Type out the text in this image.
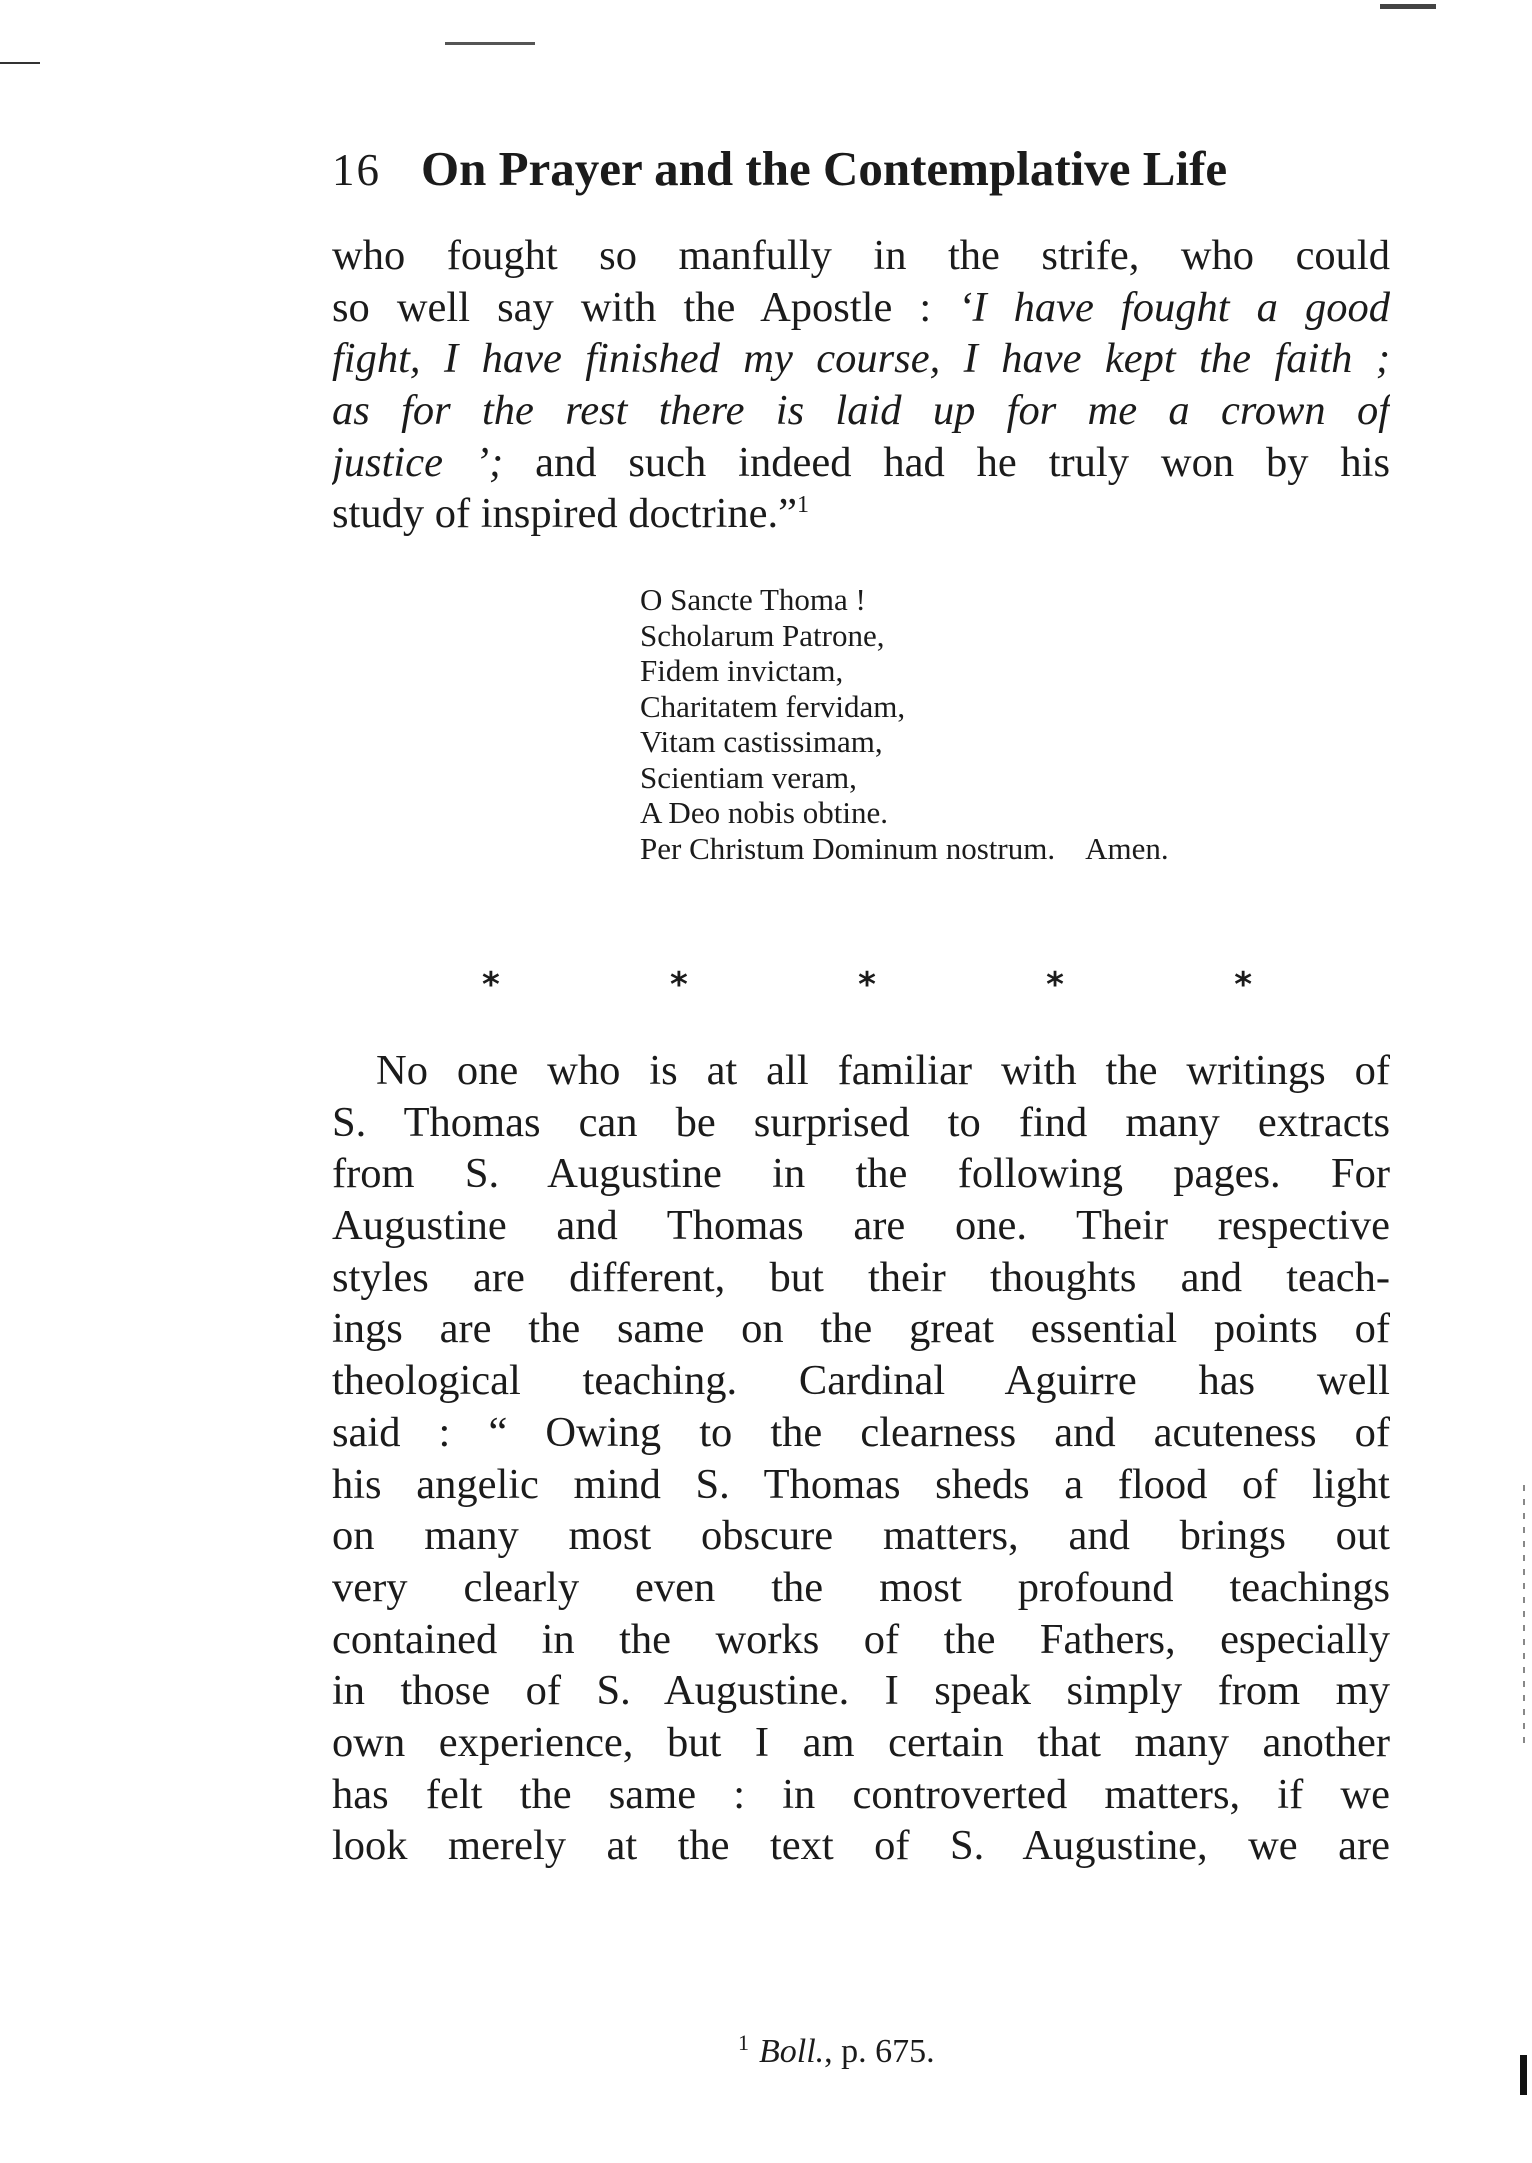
16 On Prayer and the Contemplative Life
who fought so manfully in the strife, who could
so well say with the Apostle : ‘I have fought a good
fight, I have finished my course, I have kept the faith ;
as for the rest there is laid up for me a crown of
justice ’; and such indeed had he truly won by his
study of inspired doctrine.”$^1$
O Sancte Thoma !
Scholarum Patrone,
Fidem invictam,
Charitatem fervidam,
Vitam castissimam,
Scientiam veram,
A Deo nobis obtine.
Per Christum Dominum nostrum. Amen.
*	*	*	*	*
No one who is at all familiar with the writings of
S. Thomas can be surprised to find many extracts
from S. Augustine in the following pages. For
Augustine and Thomas are one. Their respective
styles are different, but their thoughts and teach-
ings are the same on the great essential points of
theological teaching. Cardinal Aguirre has well
said : “ Owing to the clearness and acuteness of
his angelic mind S. Thomas sheds a flood of light
on many most obscure matters, and brings out
very clearly even the most profound teachings
contained in the works of the Fathers, especially
in those of S. Augustine. I speak simply from my
own experience, but I am certain that many another
has felt the same : in controverted matters, if we
look merely at the text of S. Augustine, we are
$^1$ Boll., p. 675.
